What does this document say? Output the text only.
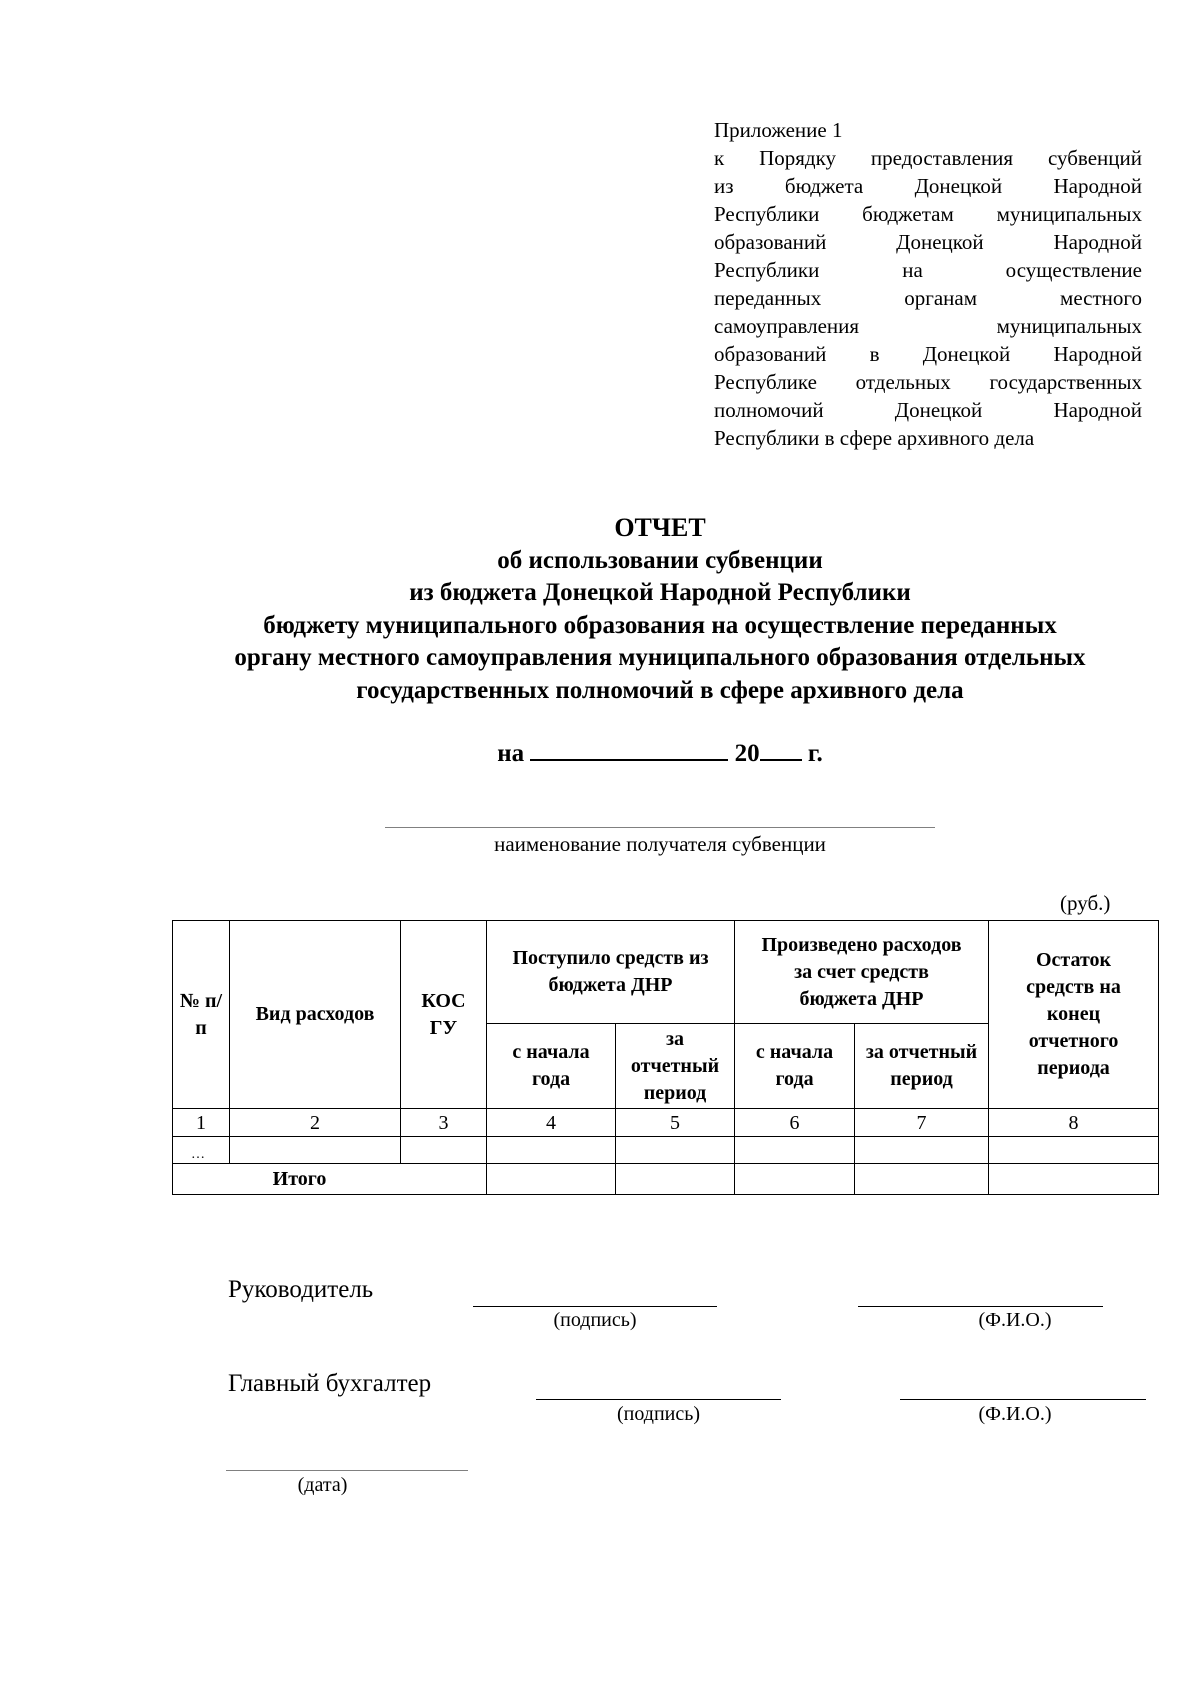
Приложение 1
к Порядку предоставления субвенций
из бюджета Донецкой Народной
Республики бюджетам муниципальных
образований Донецкой Народной
Республики на осуществление
переданных органам местного
самоуправления муниципальных
образований в Донецкой Народной
Республике отдельных государственных
полномочий Донецкой Народной
Республики в сфере архивного дела
ОТЧЕТ
об использовании субвенции
из бюджета Донецкой Народной Республики
бюджету муниципального образования на осуществление переданных
органу местного самоуправления муниципального образования отдельных
государственных полномочий в сфере архивного дела
на	20 г.
наименование получателя субвенции
(руб.)
№ п/п	Вид расходов	КОС ГУ	Поступило средств из бюджета ДНР		Произведено расходов за счет средств бюджета ДНР		Остаток средств на конец отчетного периода
			с начала года	за отчетный период	с начала года	за отчетный период	
1	2	3	4	5	6	7	8
…							
Итого							
Руководитель
(подпись)	(Ф.И.О.)
Главный бухгалтер
(подпись)	(Ф.И.О.)
(дата)
